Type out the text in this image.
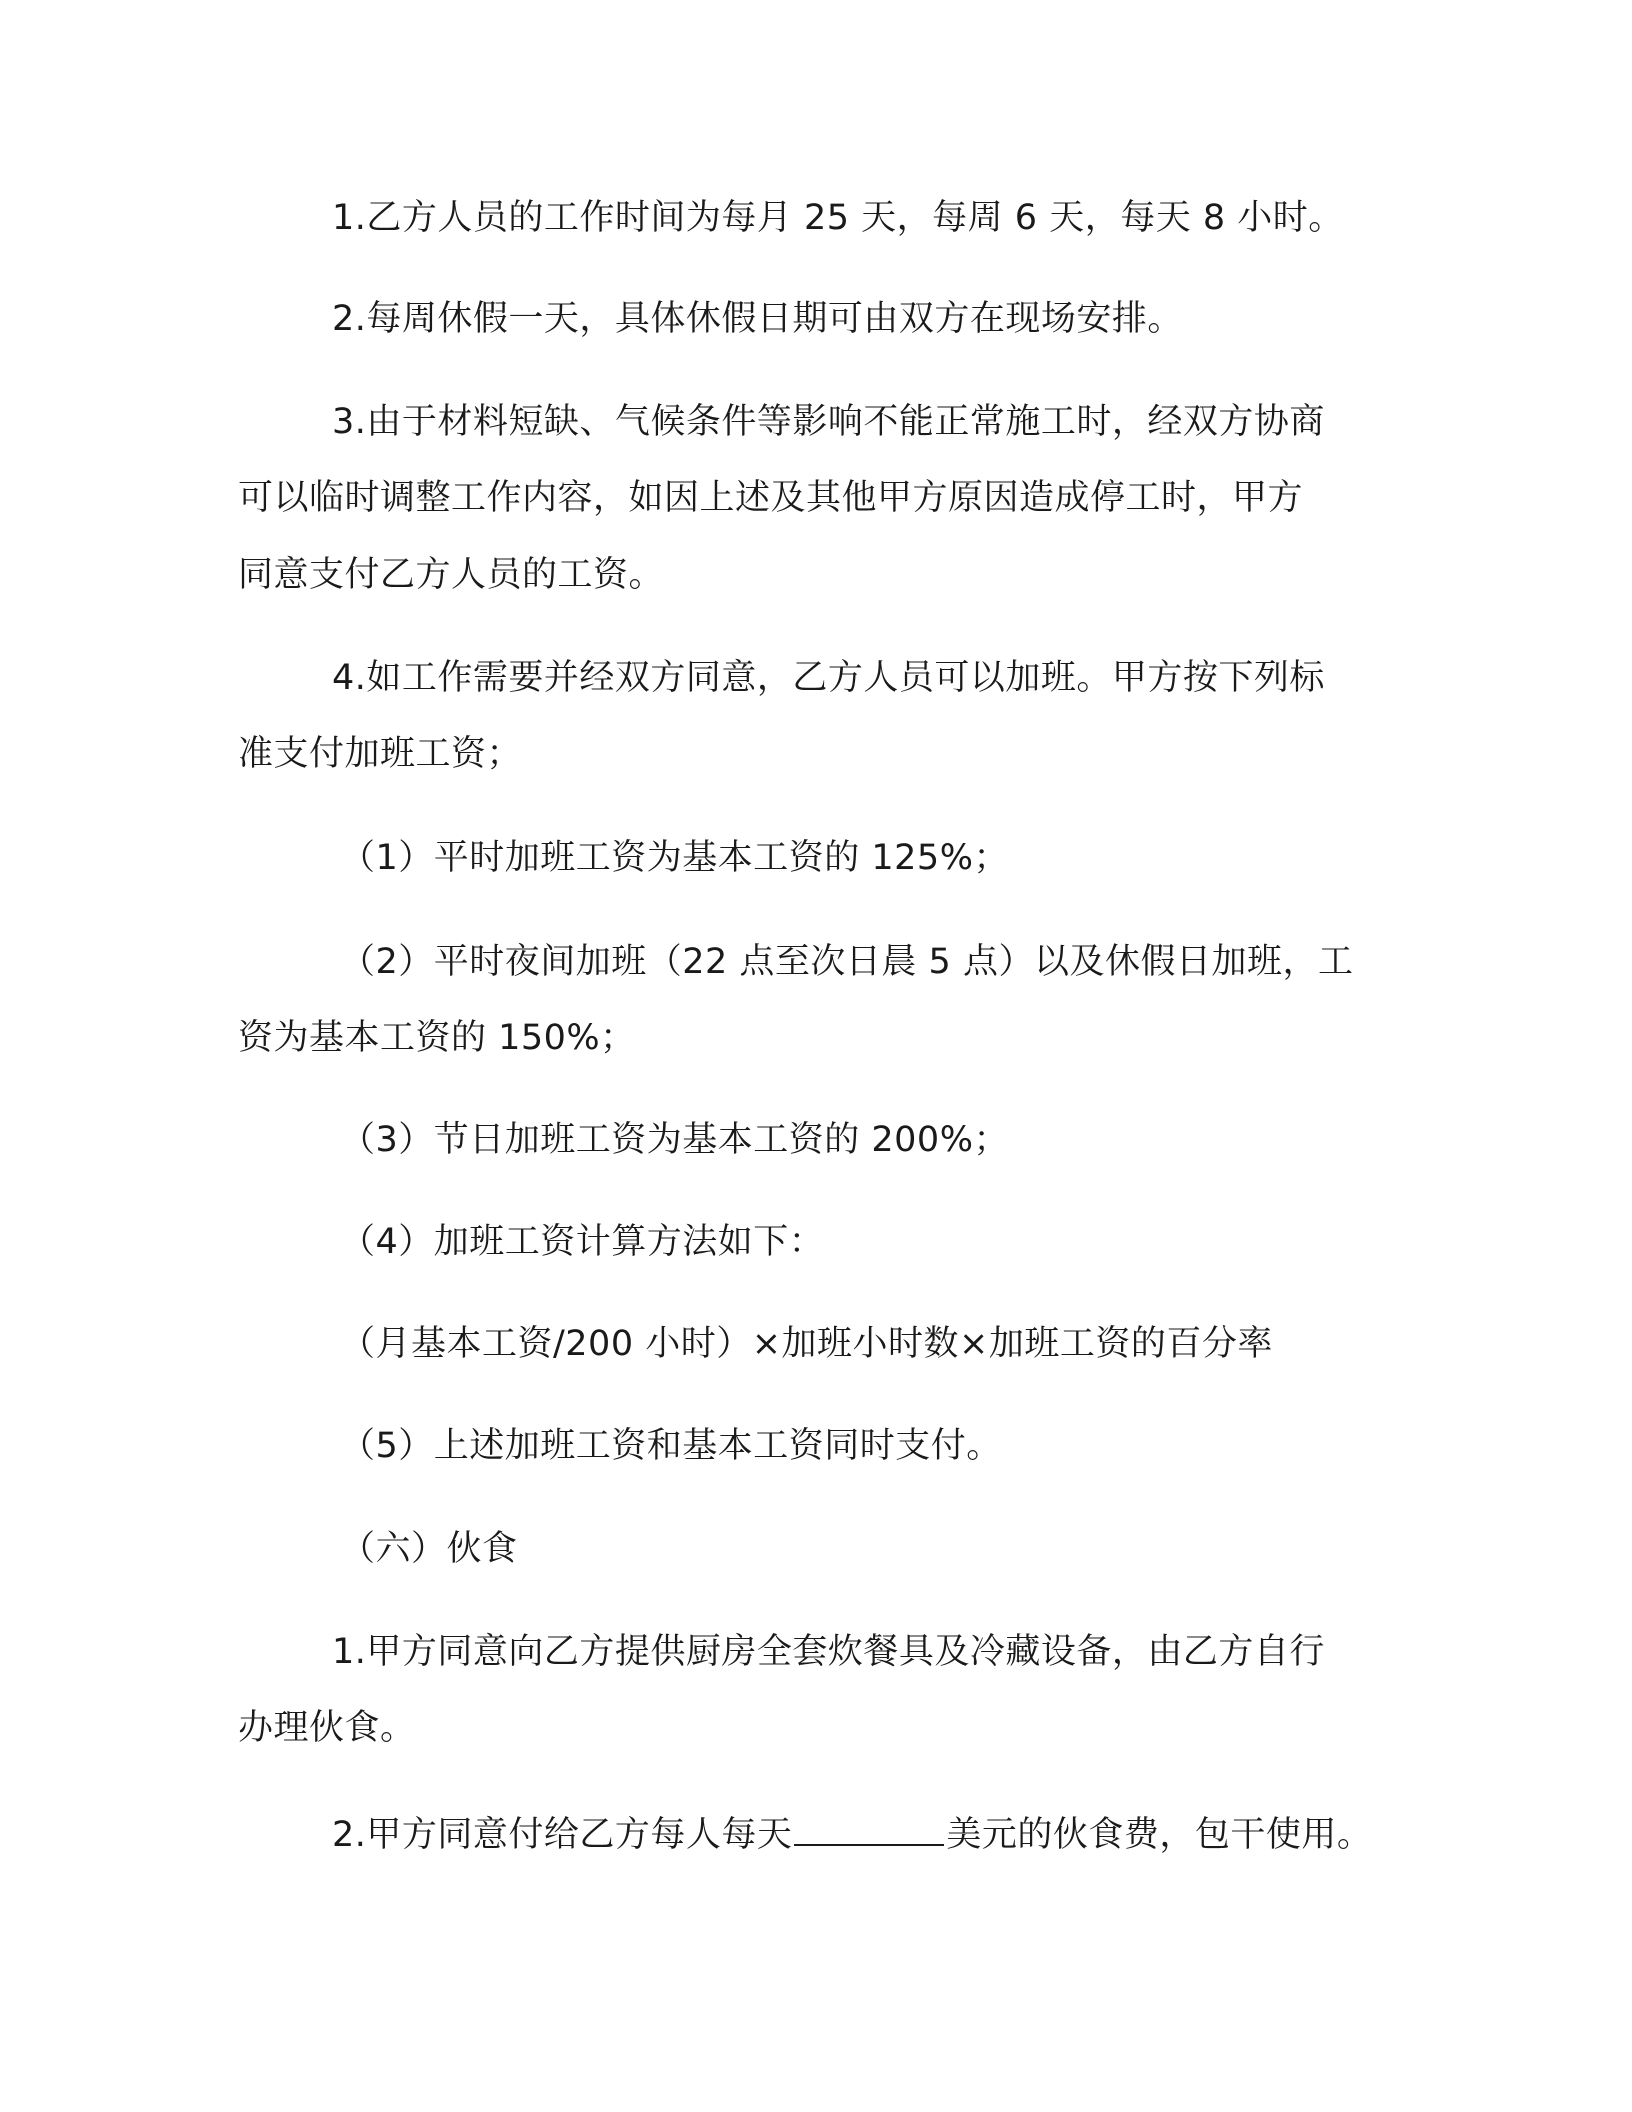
1.乙方人员的工作时间为每月 25 天，每周 6 天，每天 8 小时。
2.每周休假一天，具体休假日期可由双方在现场安排。
3.由于材料短缺、气候条件等影响不能正常施工时，经双方协商
可以临时调整工作内容，如因上述及其他甲方原因造成停工时，甲方
同意支付乙方人员的工资。
4.如工作需要并经双方同意，乙方人员可以加班。甲方按下列标
准支付加班工资；
（1）平时加班工资为基本工资的 125%；
（2）平时夜间加班（22 点至次日晨 5 点）以及休假日加班，工
资为基本工资的 150%；
（3）节日加班工资为基本工资的 200%；
（4）加班工资计算方法如下：
（月基本工资/200 小时）×加班小时数×加班工资的百分率
（5）上述加班工资和基本工资同时支付。
（六）伙食
1.甲方同意向乙方提供厨房全套炊餐具及冷藏设备，由乙方自行
办理伙食。
2.甲方同意付给乙方每人每天	美元的伙食费，包干使用。
